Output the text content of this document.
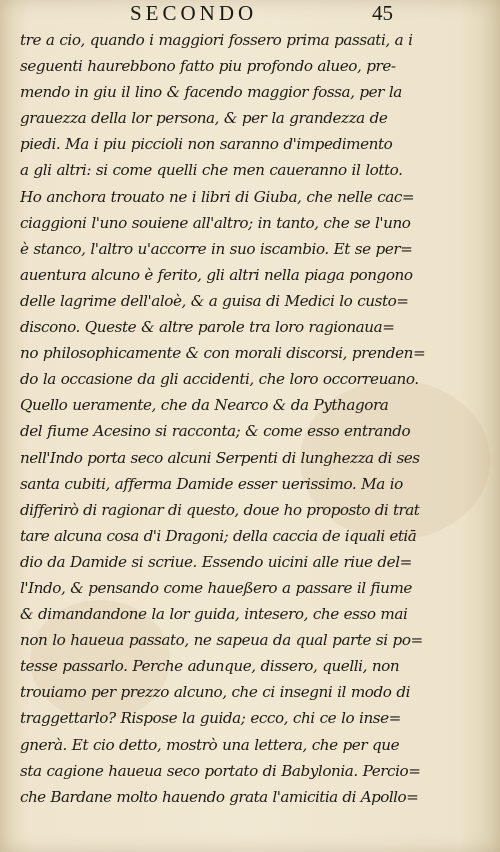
SECONDO	45
tre a cio, quando i maggiori fossero prima passati, a i
seguenti haurebbono fatto piu profondo alueo, pre-
mendo in giu il lino & facendo maggior fossa, per la
grauezza della lor persona, & per la grandezza de
piedi. Ma i piu piccioli non saranno d'impedimento
a gli altri: si come quelli che men caueranno il lotto.
Ho anchora trouato ne i libri di Giuba, che nelle cac=
ciaggioni l'uno souiene all'altro; in tanto, che se l'uno
è stanco, l'altro u'accorre in suo iscambio. Et se per=
auentura alcuno è ferito, gli altri nella piaga pongono
delle lagrime dell'aloè, & a guisa di Medici lo custo=
discono. Queste & altre parole tra loro ragionaua=
no philosophicamente & con morali discorsi, prenden=
do la occasione da gli accidenti, che loro occorreuano.
Quello ueramente, che da Nearco & da Pythagora
del fiume Acesino si racconta; & come esso entrando
nell'Indo porta seco alcuni Serpenti di lunghezza di ses
santa cubiti, afferma Damide esser uerissimo. Ma io
differirò di ragionar di questo, doue ho proposto di trat
tare alcuna cosa d'i Dragoni; della caccia de iquali etiā
dio da Damide si scriue. Essendo uicini alle riue del=
l'Indo, & pensando come haueßero a passare il fiume
& dimandandone la lor guida, intesero, che esso mai
non lo haueua passato, ne sapeua da qual parte si po=
tesse passarlo. Perche adunque, dissero, quelli, non
trouiamo per prezzo alcuno, che ci insegni il modo di
traggettarlo? Rispose la guida; ecco, chi ce lo inse=
gnerà. Et cio detto, mostrò una lettera, che per que
sta cagione haueua seco portato di Babylonia. Percio=
che Bardane molto hauendo grata l'amicitia di Apollo=
